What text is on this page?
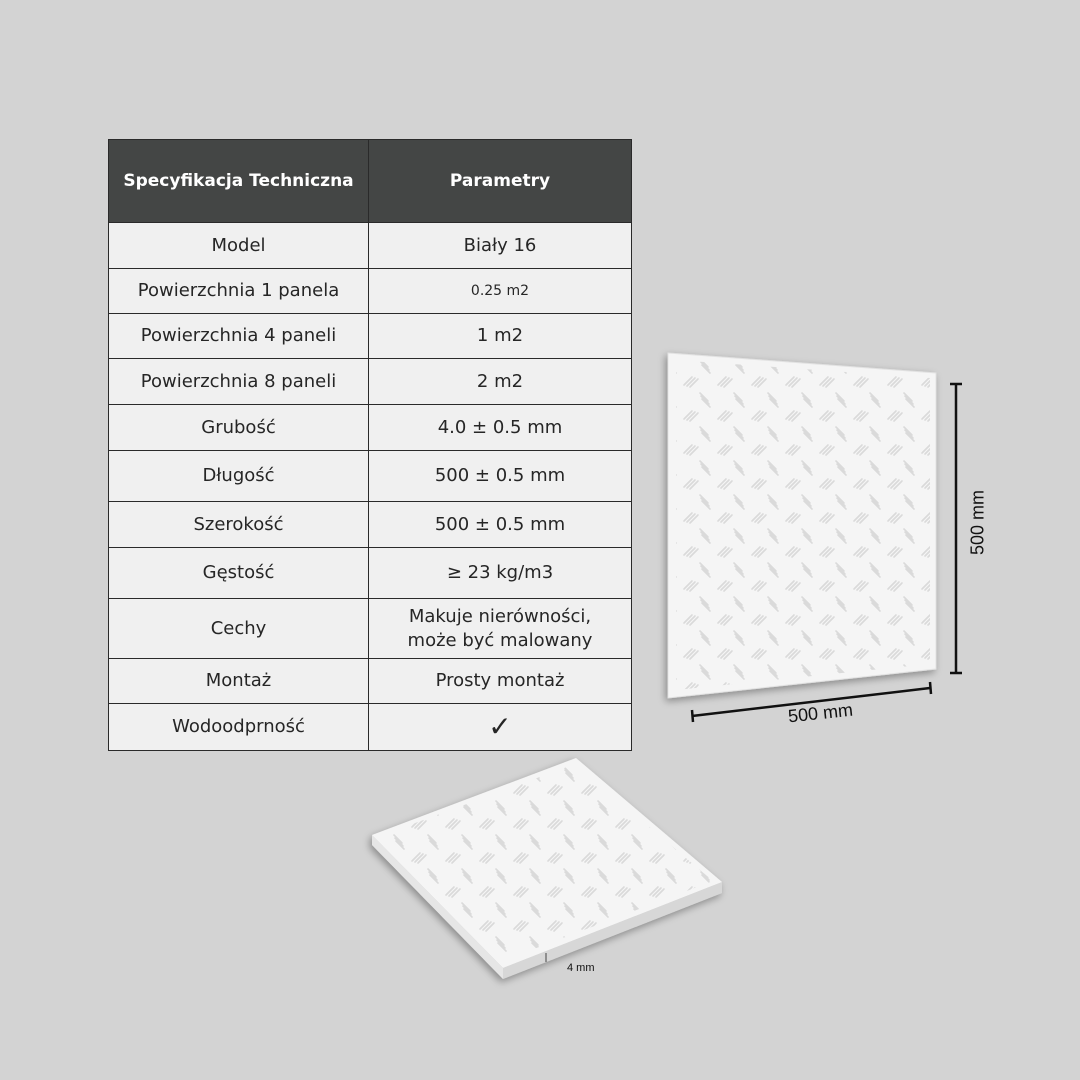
Specyfikacja Techniczna	Parametry
Model	Biały 16
Powierzchnia 1 panela	0.25 m2
Powierzchnia 4 paneli	1 m2
Powierzchnia 8 paneli	2 m2
Grubość	4.0 ± 0.5 mm
Długość	500 ± 0.5 mm
Szerokość	500 ± 0.5 mm
Gęstość	≥ 23 kg/m3
Cechy	Makuje nierówności,
może być malowany

Montaż	Prosty montaż
Wodoodprność	✓
500 mm
500 mm
4 mm
